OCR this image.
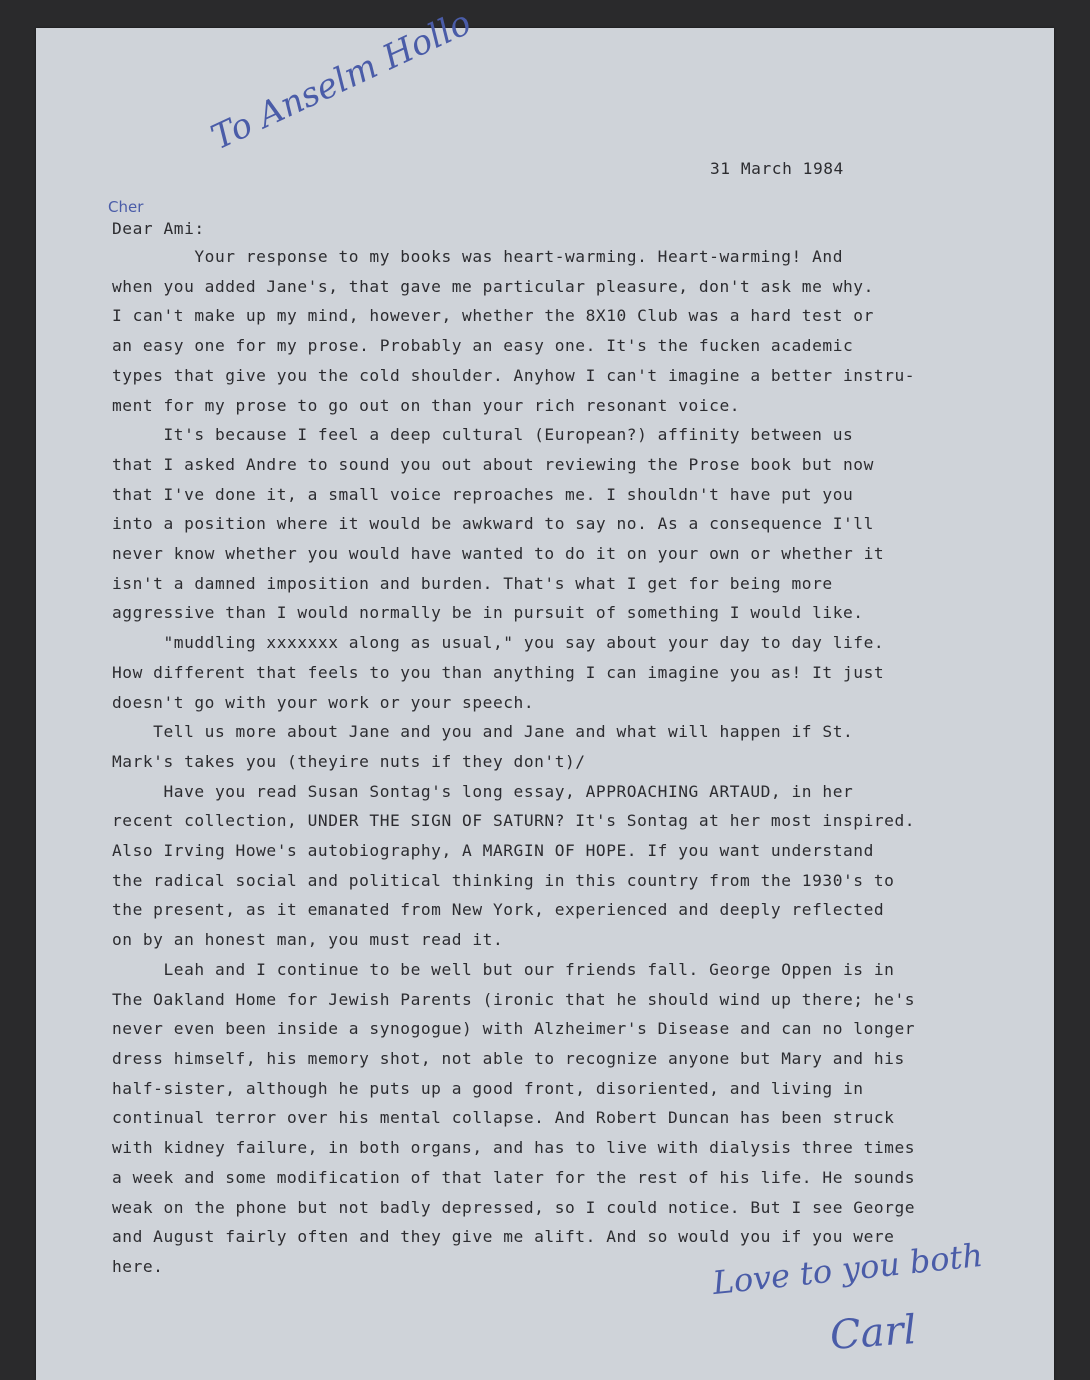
To Anselm Hollo
31 March 1984
Cher
Dear Ami:
Your response to my books was heart-warming. Heart-warming! And
when you added Jane's, that gave me particular pleasure, don't ask me why.
I can't make up my mind, however, whether the 8X10 Club was a hard test or
an easy one for my prose. Probably an easy one. It's the fucken academic
types that give you the cold shoulder. Anyhow I can't imagine a better instru-
ment for my prose to go out on than your rich resonant voice.
It's because I feel a deep cultural (European?) affinity between us
that I asked Andre to sound you out about reviewing the Prose book but now
that I've done it, a small voice reproaches me. I shouldn't have put you
into a position where it would be awkward to say no. As a consequence I'll
never know whether you would have wanted to do it on your own or whether it
isn't a damned imposition and burden. That's what I get for being more
aggressive than I would normally be in pursuit of something I would like.
"muddling xxxxxxx along as usual," you say about your day to day life.
How different that feels to you than anything I can imagine you as! It just
doesn't go with your work or your speech.
Tell us more about Jane and you and Jane and what will happen if St.
Mark's takes you (theyire nuts if they don't)/
Have you read Susan Sontag's long essay, APPROACHING ARTAUD, in her
recent collection, UNDER THE SIGN OF SATURN? It's Sontag at her most inspired.
Also Irving Howe's autobiography, A MARGIN OF HOPE. If you want understand
the radical social and political thinking in this country from the 1930's to
the present, as it emanated from New York, experienced and deeply reflected
on by an honest man, you must read it.
Leah and I continue to be well but our friends fall. George Oppen is in
The Oakland Home for Jewish Parents (ironic that he should wind up there; he's
never even been inside a synogogue) with Alzheimer's Disease and can no longer
dress himself, his memory shot, not able to recognize anyone but Mary and his
half-sister, although he puts up a good front, disoriented, and living in
continual terror over his mental collapse. And Robert Duncan has been struck
with kidney failure, in both organs, and has to live with dialysis three times
a week and some modification of that later for the rest of his life. He sounds
weak on the phone but not badly depressed, so I could notice. But I see George
and August fairly often and they give me alift. And so would you if you were
here.	Love to you both
Carl
